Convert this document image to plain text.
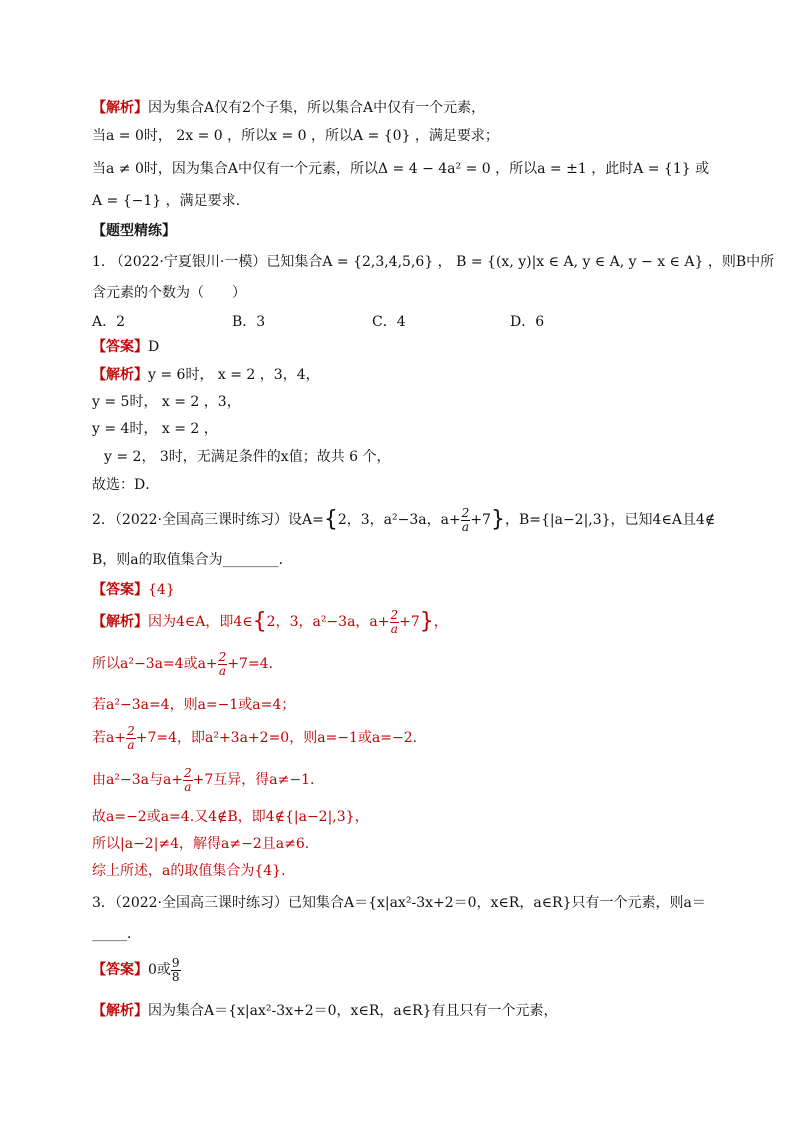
【解析】因为集合A仅有2个子集，所以集合A中仅有一个元素，
当a = 0时， 2x = 0 ，所以x = 0 ，所以A = {0} ，满足要求；
当a ≠ 0时，因为集合A中仅有一个元素，所以Δ = 4 − 4a² = 0 ，所以a = ±1 ，此时A = {1} 或
A = {−1} ，满足要求.
【题型精练】
1. （2022·宁夏银川·一模）已知集合A = {2,3,4,5,6} ， B = {(x, y)|x ∈ A, y ∈ A, y − x ∈ A} ，则B中所
含元素的个数为（　　）
A．2	B．3	C．4	D．6
【答案】D
【解析】y = 6时， x = 2 ，3，4，
y = 5时， x = 2 ，3，
y = 4时， x = 2 ，
y = 2， 3时，无满足条件的x值；故共 6 个，
故选：D．
2．（2022·全国高三课时练习）设A={2，3，a²−3a，$a+ \frac{2}{a} +7$}，B={|a−2|,3}，已知4∈A且4∉
B，则a的取值集合为________．
【答案】{4}
【解析】因为4∈A，即4∈{2，3，a²−3a，$a+ \frac{2}{a} +7$}，
所以a²−3a=4或$a+ \frac{2}{a} +7=4$.
若a²−3a=4，则a=−1或a=4；
若$a+ \frac{2}{a} +7=4$，即a²+3a+2=0，则a=−1或a=−2.
由a²−3a与$a+ \frac{2}{a} +7$互异，得a≠−1.
故a=−2或a=4.又4∉B，即4∉{|a−2|,3}，
所以|a−2|≠4，解得a≠−2且a≠6.
综上所述，a的取值集合为{4}.
3．（2022·全国高三课时练习）已知集合A＝{x|ax²-3x+2＝0，x∈R，a∈R}只有一个元素，则a＝
_____．
【答案】0或 $\frac{9}{8}$
【解析】因为集合A＝{x|ax²-3x+2＝0，x∈R，a∈R}有且只有一个元素，
